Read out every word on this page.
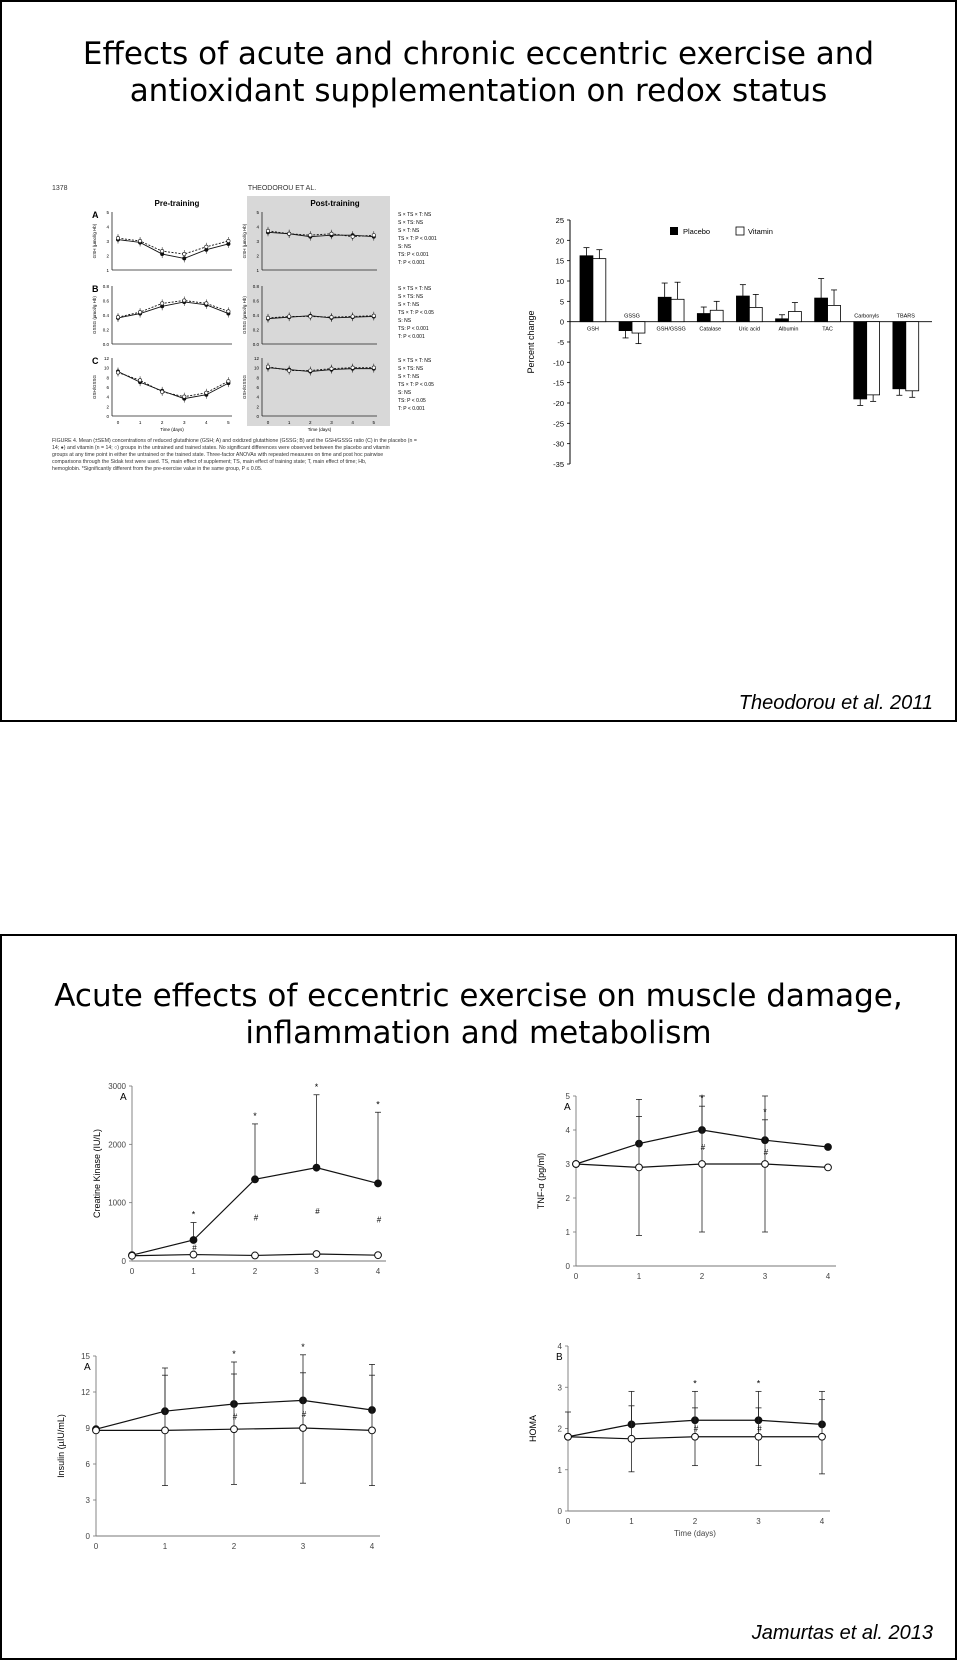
Effects of acute and chronic eccentric exercise and
antioxidant supplementation on redox status
1378	THEODOROU ET AL.
Pre-training	Post-training
A
GSH (µmol/g Hb)
1
2
3
4
5
GSH (µmol/g Hb)
1
2
3
4
5	S × TS × T: NS
S × TS: NS
S × T: NS
TS × T: P < 0.001
S: NS
TS: P < 0.001
T: P < 0.001
B
GSSG (µmol/g Hb)
0.0
0.2
0.4
0.6
0.8
GSSG (µmol/g Hb)
0.0
0.2
0.4
0.6
0.8	S × TS × T: NS
S × TS: NS
S × T: NS
TS × T: P < 0.05
S: NS
TS: P < 0.001
T: P < 0.001
C
GSH/GSSG
0
2
4
6
8
10
12
0	1	2	3	4	5
Time (days)
GSH/GSSG
0
2
4
6
8
10
12
0	1	2	3	4	5
Time (days)
S × TS × T: NS
S × TS: NS
S × T: NS
TS × T: P < 0.05
S: NS
TS: P < 0.05
T: P < 0.001
FIGURE 4. Mean (±SEM) concentrations of reduced glutathione (GSH; A) and oxidized glutathione (GSSG; B) and the GSH/GSSG ratio (C) in the placebo (n =
14; ●) and vitamin (n = 14; ○) groups in the untrained and trained states. No significant differences were observed between the placebo and vitamin
groups at any time point in either the untrained or the trained state. Three-factor ANOVAs with repeated measures on time and post hoc pairwise
comparisons through the Sidak test were used. TS, main effect of supplement; TS, main effect of training state; T, main effect of time; Hb,
hemoglobin. *Significantly different from the pre-exercise value in the same group, P ≤ 0.05.	-35
-30
-25
-20
-15
-10
-5
0
5
10
15
20
25
Percent change
Placebo	Vitamin
GSH
GSSG
GSH/GSSG Catalase	Uric acid	Albumin	TAC
Carbonyls	TBARS
Theodorou et al. 2011
Acute effects of eccentric exercise on muscle damage,
inflammation and metabolism
A
Creatine Kinase (IU/L)
0
1000
2000
3000
0	1	2	3	4
*
*
*
*
#
#
#
#
A
TNF-α (pg/ml)
0
1
2
3
4
5
0	1	2	3	4
*
*
#
#
A
Insulin (µIU/mL)
0
3
6
9
12
15
0	1	2	3	4
*
*
#	#
B
HOMA
0
1
2
3
4
0	1	2	3	4
Time (days)
*	*
#	#
Jamurtas et al. 2013
